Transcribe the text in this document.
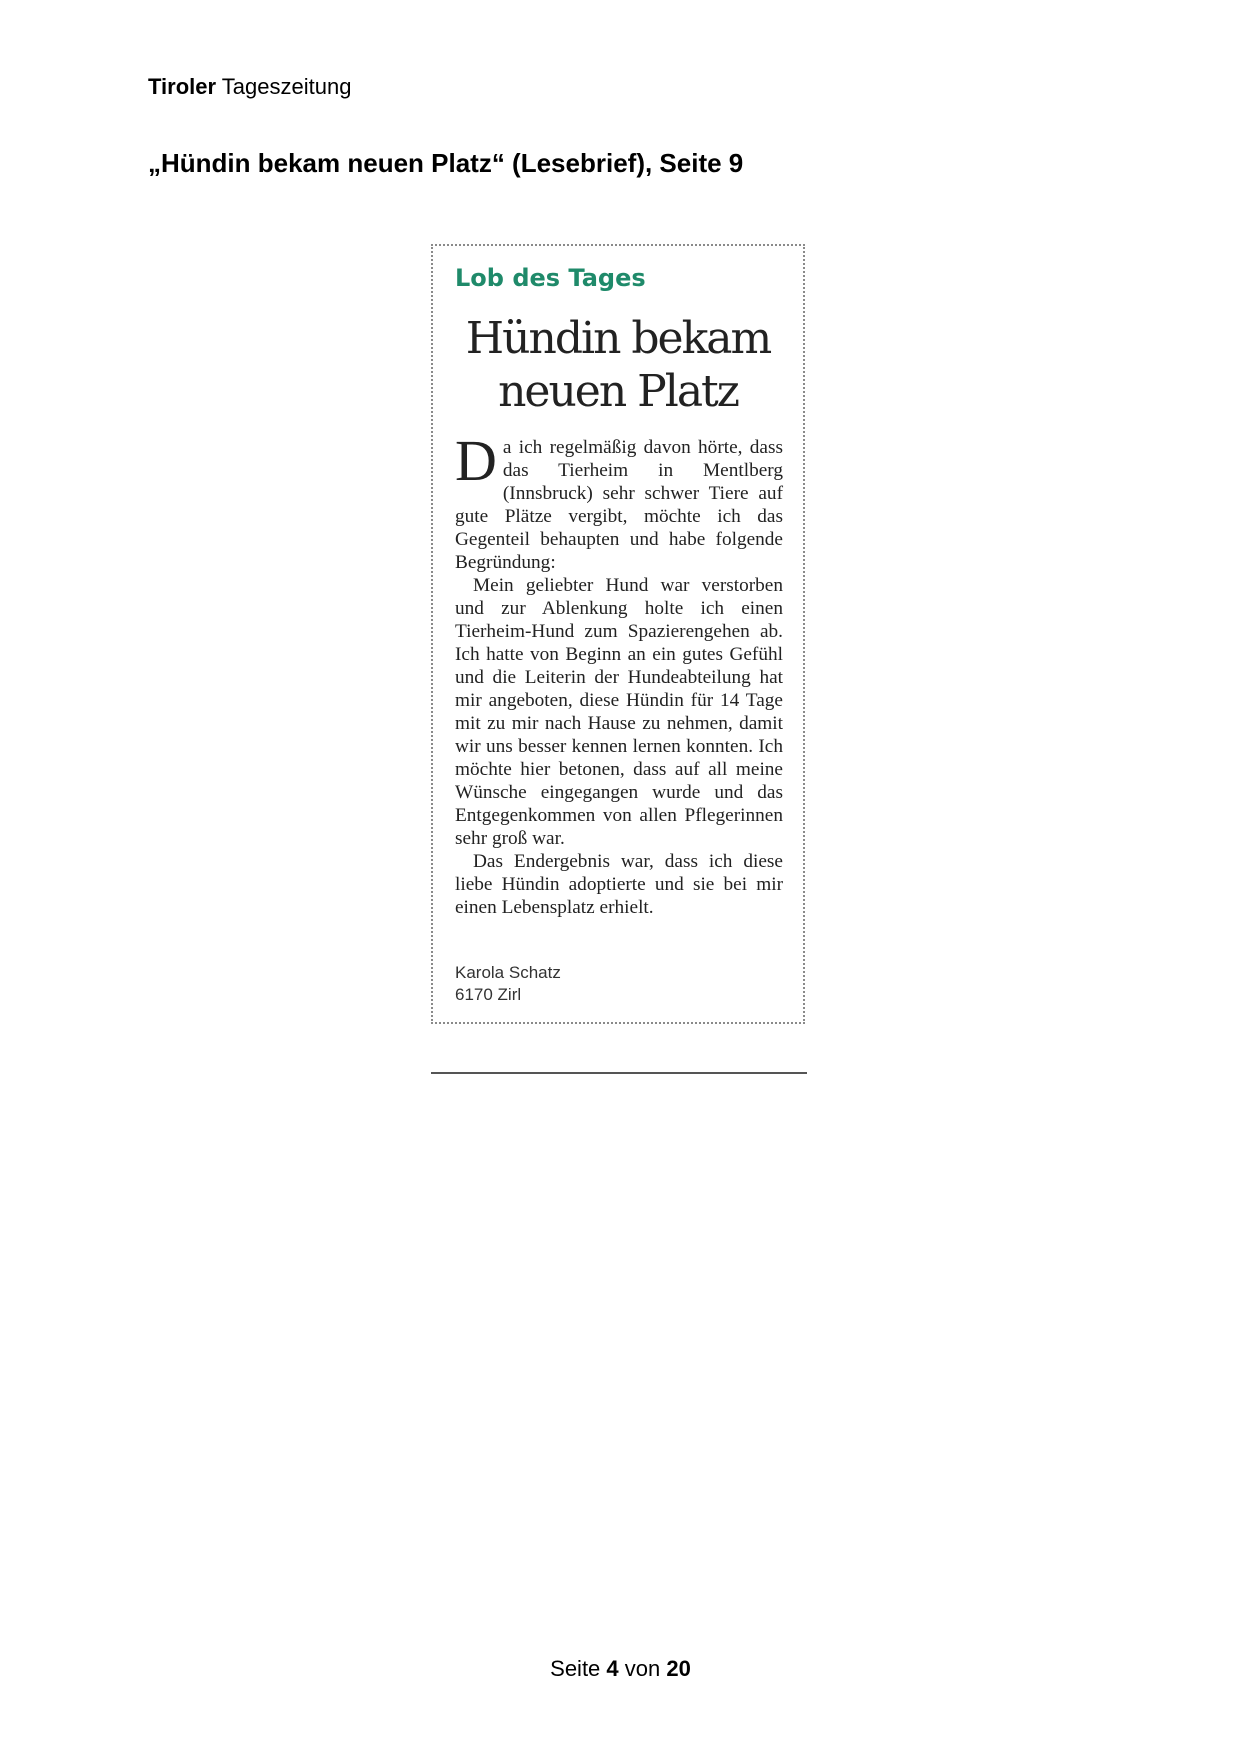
Tiroler Tageszeitung
„Hündin bekam neuen Platz“ (Lesebrief), Seite 9
Lob des Tages
Hündin bekam
neuen Platz

Da ich regelmäßig davon hörte, dass das Tierheim in Mentlberg (Innsbruck) sehr schwer Tiere auf gute Plätze vergibt, möchte ich das Gegenteil behaupten und habe folgende Begründung:

Mein geliebter Hund war verstorben und zur Ablenkung holte ich einen Tierheim-Hund zum Spazierengehen ab. Ich hatte von Beginn an ein gutes Gefühl und die Leiterin der Hundeabteilung hat mir angeboten, diese Hündin für 14 Tage mit zu mir nach Hause zu nehmen, damit wir uns besser kennen lernen konnten. Ich möchte hier betonen, dass auf all meine Wünsche eingegangen wurde und das Entgegenkommen von allen Pflegerinnen sehr groß war.

Das Endergebnis war, dass ich diese liebe Hündin adoptierte und sie bei mir einen Lebensplatz erhielt.

Karola Schatz
6170 Zirl
Seite 4 von 20
